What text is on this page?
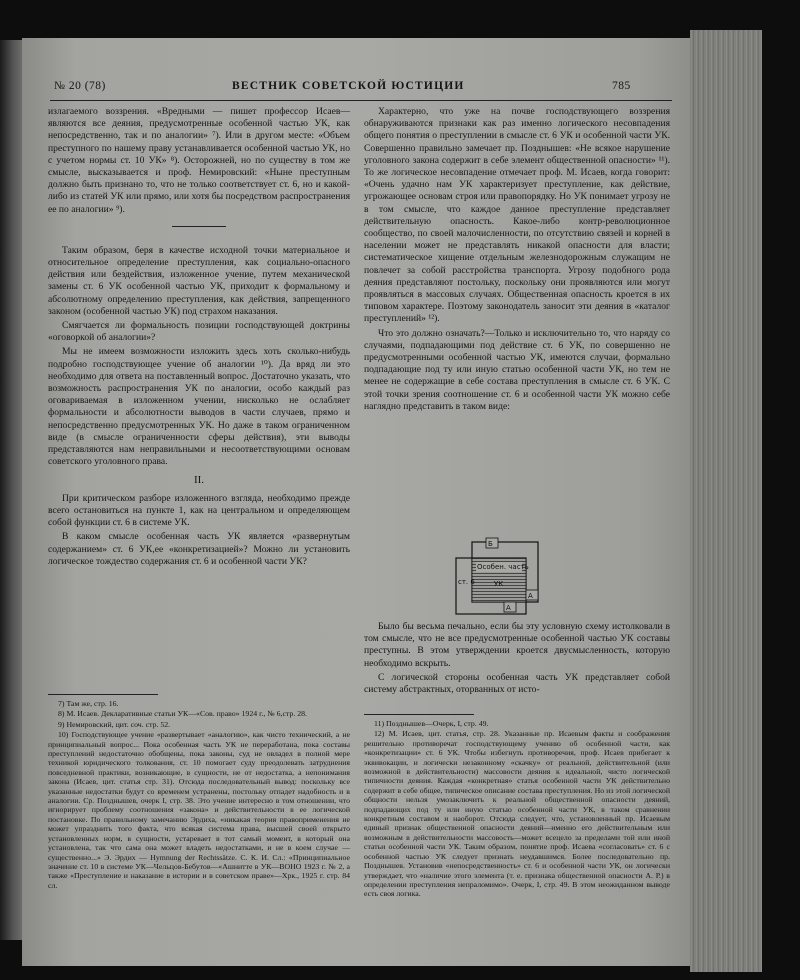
№ 20 (78)	ВЕСТНИК СОВЕТСКОЙ ЮСТИЦИИ	785

излагаемого воззрения. «Вредными — пишет профессор Исаев—являются все деяния, предусмотренные особенной частью УК, как непосредственно, так и по аналогии» ⁷). Или в другом месте: «Объем преступного по нашему праву устанавливается особенной частью УК, но с учетом нормы ст. 10 УК» ⁸). Осторожней, но по существу в том же смысле, высказывается и проф. Немировский: «Ныне преступным должно быть признано то, что не только соответствует ст. 6, но и какой-либо из статей УК или прямо, или хотя бы посредством распространения ее по аналогии» ⁹).

Таким образом, беря в качестве исходной точки материальное и относительное определение преступления, как социально-опасного действия или бездействия, изложенное учение, путем механической замены ст. 6 УК особенной частью УК, приходит к формальному и абсолютному определению преступления, как действия, запрещенного законом (особенной частью УК) под страхом наказания.

Смягчается ли формальность позиции господствующей доктрины «оговоркой об аналогии»?

Мы не имеем возможности изложить здесь хоть сколько-нибудь подробно господствующее учение об аналогии ¹⁰). Да вряд ли это необходимо для ответа на поставленный вопрос. Достаточно указать, что возможность распространения УК по аналогии, особо каждый раз оговариваемая в изложенном учении, нисколько не ослабляет формальности и абсолютности выводов в части случаев, прямо и непосредственно предусмотренных УК. Но даже в таком ограниченном виде (в смысле ограниченности сферы действия), эти выводы представляются нам неправильными и несоответствующими основам советского уголовного права.

II.

При критическом разборе изложенного взгляда, необходимо прежде всего остановиться на пункте 1, как на центральном и определяющем собой функции ст. 6 в системе УК.

В каком смысле особенная часть УК является «развернутым содержанием» ст. 6 УК,ее «конкретизацией»? Можно ли установить логическое тождество содержания ст. 6 и особенной части УК?

7) Там же, стр. 16.

8) М. Исаев. Декларативные статьи УК—«Сов. право» 1924 г., № 6,стр. 28.

9) Немировский, цит. соч. стр. 52.

10) Господствующее учение «развертывает «аналогию», как чисто технический, а не принципиальный вопрос... Пока особенная часть УК не переработана, пока составы преступлений недостаточно обобщены, пока законы, суд не овладел в полной мере техникой юридического толкования, ст. 10 помогает суду преодолевать затруднения повседневной практики, возникающие, в сущности, не от недостатка, а непонимания закона (Исаев, цит. статья стр. 31). Отсюда последовательный вывод: поскольку все указанные недостатки будут со временем устранены, постольку отпадет надобность и в аналогии. Ср. Позднышев, очерк I, стр. 38. Это учение интересно в том отношении, что игнорирует проблему соотношения «закона» и действительности в ее логической постановке. По правильному замечанию Эрдиха, «никакая теория правоприменения не может упразднить того факта, что всякая система права, высшей своей открыто установленных норм, в сущности, устаревает в тот самый момент, в который она установлена, так что сама она может владеть недостатками, и не в коем случае — существенно...» Э. Эрдих — Hymnung der Rechtssätze. С. К. И. Сл.: «Принципиальное значение ст. 10 в системе УК—Чельцов-Бебутов—«Ашнитте в УК—ВОНО 1923 г. № 2, а также «Преступление и наказание в истории и в советском праве»—Хрк., 1925 г. стр. 84 сл.

Характерно, что уже на почве господствующего воззрения обнаруживаются признаки как раз именно логического несовпадения общего понятия о преступлении в смысле ст. 6 УК и особенной части УК. Совершенно правильно замечает пр. Позднышев: «Не всякое нарушение уголовного закона содержит в себе элемент общественной опасности» ¹¹). То же логическое несовпадение отмечает проф. М. Исаев, когда говорит: «Очень удачно нам УК характеризует преступление, как действие, угрожающее основам строя или правопорядку. Но УК понимает угрозу не в том смысле, что каждое данное преступление представляет действительную опасность. Какое-либо контр-революционное сообщество, по своей малочисленности, по отсутствию связей и корней в населении может не представлять никакой опасности для власти; систематическое хищение отдельным железнодорожным служащим не повлечет за собой расстройства транспорта. Угрозу подобного рода деяния представляют постольку, поскольку они проявляются или могут проявляться в массовых случаях. Общественная опасность кроется в их типовом характере. Поэтому законодатель заносит эти деяния в «каталог преступлений» ¹²).

Что это должно означать?—Только и исключительно то, что наряду со случаями, подпадающими под действие ст. 6 УК, по совершенно не предусмотренными особенной частью УК, имеются случаи, формально подпадающие под ту или иную статью особенной части УК, но тем не менее не содержащие в себе состава преступления в смысле ст. 6 УК. С этой точки зрения соотношение ст. 6 и особенной части УК можно себе наглядно представить в таком виде:

Б
Особен. часть
УК
ст. 6
А
А

Было бы весьма печально, если бы эту условную схему истолковали в том смысле, что не все предусмотренные особенной частью УК составы преступны. В этом утверждении кроется двусмысленность, которую необходимо вскрыть.

С логической стороны особенная часть УК представляет собой систему абстрактных, оторванных от исто-

11) Позднышев—Очерк, I, стр. 49.

12) М. Исаев, цит. статья, стр. 28. Указанные пр. Исаевым факты и соображения решительно противоречат господствующему учению об особенной части, как «конкретизации» ст. 6 УК. Чтобы избегнуть противоречия, проф. Исаев прибегает к эквивокации, и логически незаконному «скачку» от реальной, действительной (или возможной в действительности) массовости деяния к идеальной, чисто логической типичности деяния. Каждая «конкретная» статья особенной части УК действительно содержит в себе общее, типическое описание состава преступления. Но из этой логической общности нельзя умозаключить к реальной общественной опасности деяний, подпадающих под ту или иную статью особенной части УК, в таком сравнении конкретным составом и наоборот. Отсюда следует, что, установленный пр. Исаевым единый признак общественной опасности деяний—именно его действительным или возможным в действительности массовость—может всецело за пределами той или иной статьи особенной части УК. Таким образом, понятие проф. Исаева «согласовать» ст. 6 с особенной частью УК следует признать неудавшимся. Более последовательно пр. Позднышев. Установив «непосредственность» ст. 6 и особенной части УК, он логически утверждает, что «наличие этого элемента (т. е. признака общественной опасности А. Р.) в определении преступления непраломимо». Очерк, I, стр. 49. В этом неожиданном выводе есть своя логика.
